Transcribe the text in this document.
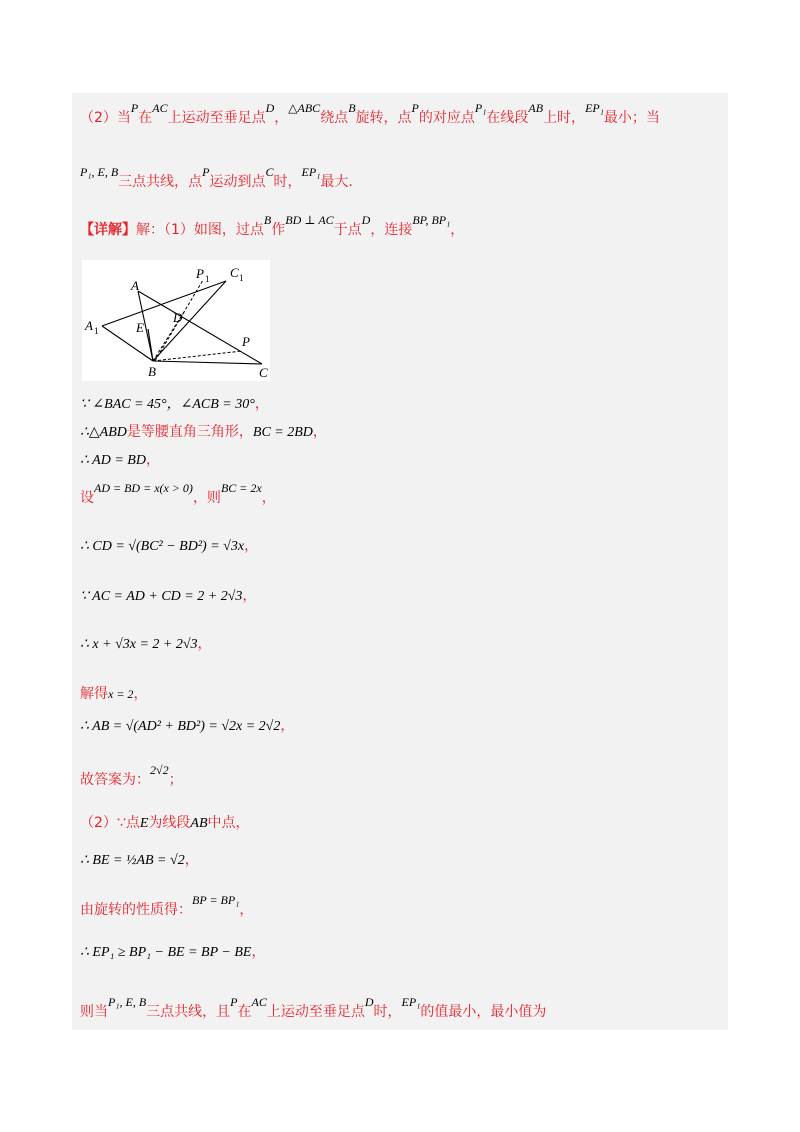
（2）当P在AC上运动至垂足点D，△ABC绕点B旋转，点P的对应点P₁在线段AB上时，EP₁最小；当
P₁, E, B三点共线，点P运动到点C时，EP₁最大.
【详解】解：（1）如图，过点B作BD ⊥ AC于点D，连接BP, BP₁，
A
P 1 C 1
A 1	E
D
P
B	C
∵ ∠BAC = 45°，∠ACB = 30°，
∴△ABD是等腰直角三角形，BC = 2BD，
∴ AD = BD，
设AD = BD = x(x > 0)，则BC = 2x，
∴ CD = √(BC² − BD²) = √3x，
∵ AC = AD + CD = 2 + 2√3，
∴ x + √3x = 2 + 2√3，
解得x = 2，
∴ AB = √(AD² + BD²) = √2x = 2√2，
故答案为：2√2；
（2）∵点E为线段AB中点，
∴ BE = ½AB = √2，
由旋转的性质得：BP = BP₁，
∴ EP₁ ≥ BP₁ − BE = BP − BE，
则当P₁, E, B三点共线，且P在AC上运动至垂足点D时，EP₁的值最小，最小值为
